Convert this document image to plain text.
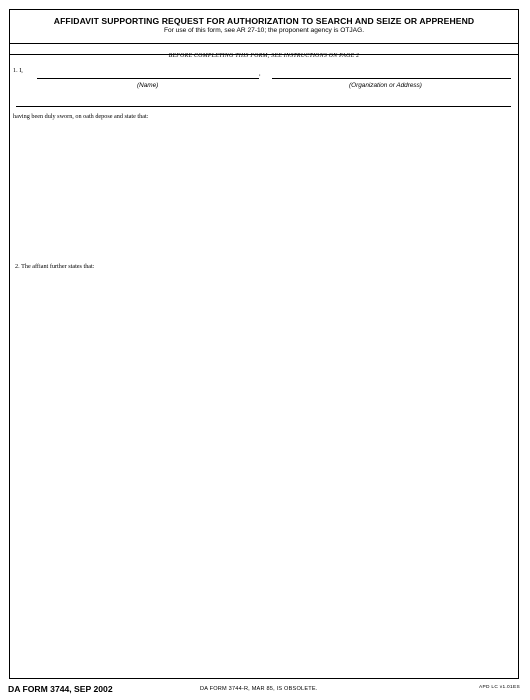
AFFIDAVIT SUPPORTING REQUEST FOR AUTHORIZATION TO SEARCH AND SEIZE OR APPREHEND
For use of this form, see AR 27-10; the proponent agency is OTJAG.
BEFORE COMPLETING THIS FORM, SEE INSTRUCTIONS ON PAGE 2
1. I,	,
(Name)	(Organization or Address)
having been duly sworn, on oath depose and state that:
2. The affiant further states that:
DA FORM 3744, SEP 2002	DA FORM 3744-R, MAR 85, IS OBSOLETE.	APD LC v1.01ES
